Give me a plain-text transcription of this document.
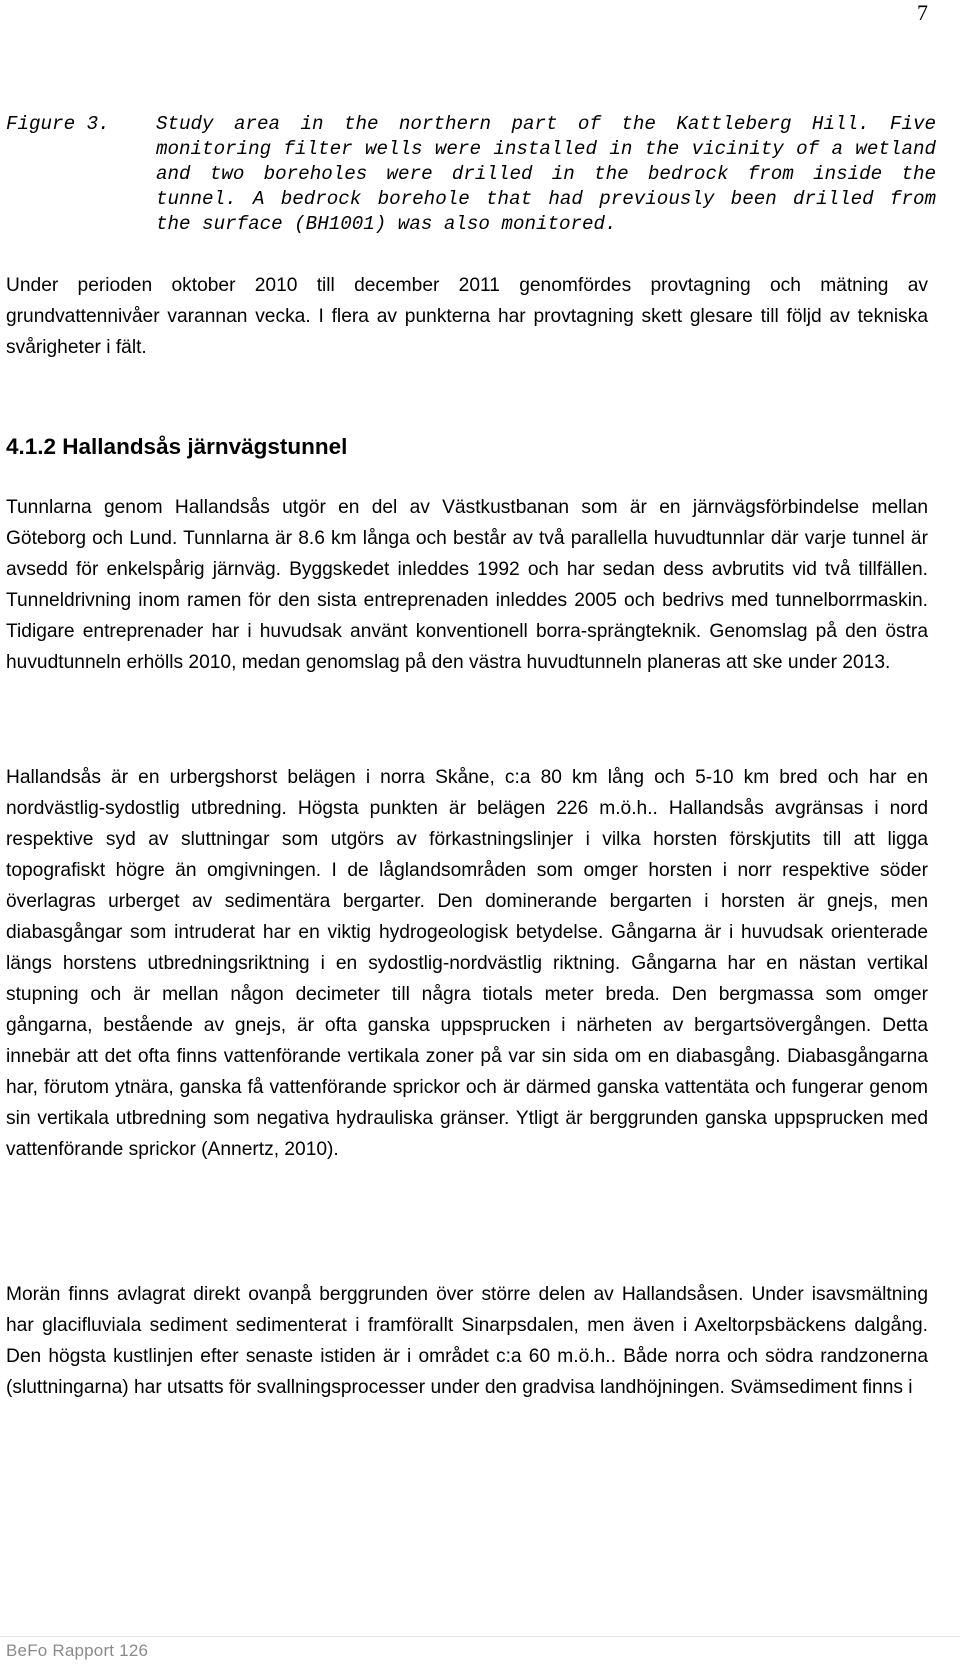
7
Figure 3.	Study area in the northern part of the Kattleberg Hill. Five monitoring filter wells were installed in the vicinity of a wetland and two boreholes were drilled in the bedrock from inside the tunnel. A bedrock borehole that had previously been drilled from the surface (BH1001) was also monitored.

Under perioden oktober 2010 till december 2011 genomfördes provtagning och mätning av grundvattennivåer varannan vecka. I flera av punkterna har provtagning skett glesare till följd av tekniska svårigheter i fält.

4.1.2 Hallandsås järnvägstunnel

Tunnlarna genom Hallandsås utgör en del av Västkustbanan som är en järnvägsförbindelse mellan Göteborg och Lund. Tunnlarna är 8.6 km långa och består av två parallella huvudtunnlar där varje tunnel är avsedd för enkelspårig järnväg. Byggskedet inleddes 1992 och har sedan dess avbrutits vid två tillfällen. Tunneldrivning inom ramen för den sista entreprenaden inleddes 2005 och bedrivs med tunnelborrmaskin. Tidigare entreprenader har i huvudsak använt konventionell borra-sprängteknik. Genomslag på den östra huvudtunneln erhölls 2010, medan genomslag på den västra huvudtunneln planeras att ske under 2013.

Hallandsås är en urbergshorst belägen i norra Skåne, c:a 80 km lång och 5-10 km bred och har en nordvästlig-sydostlig utbredning. Högsta punkten är belägen 226 m.ö.h.. Hallandsås avgränsas i nord respektive syd av sluttningar som utgörs av förkastningslinjer i vilka horsten förskjutits till att ligga topografiskt högre än omgivningen. I de låglandsområden som omger horsten i norr respektive söder överlagras urberget av sedimentära bergarter. Den dominerande bergarten i horsten är gnejs, men diabasgångar som intruderat har en viktig hydrogeologisk betydelse. Gångarna är i huvudsak orienterade längs horstens utbredningsriktning i en sydostlig-nordvästlig riktning. Gångarna har en nästan vertikal stupning och är mellan någon decimeter till några tiotals meter breda. Den bergmassa som omger gångarna, bestående av gnejs, är ofta ganska uppsprucken i närheten av bergartsövergången. Detta innebär att det ofta finns vattenförande vertikala zoner på var sin sida om en diabasgång. Diabasgångarna har, förutom ytnära, ganska få vattenförande sprickor och är därmed ganska vattentäta och fungerar genom sin vertikala utbredning som negativa hydrauliska gränser. Ytligt är berggrunden ganska uppsprucken med vattenförande sprickor (Annertz, 2010).

Morän finns avlagrat direkt ovanpå berggrunden över större delen av Hallandsåsen. Under isavsmältning har glacifluviala sediment sedimenterat i framförallt Sinarpsdalen, men även i Axeltorpsbäckens dalgång. Den högsta kustlinjen efter senaste istiden är i området c:a 60 m.ö.h.. Både norra och södra randzonerna (sluttningarna) har utsatts för svallningsprocesser under den gradvisa landhöjningen. Svämsediment finns i

BeFo Rapport 126
